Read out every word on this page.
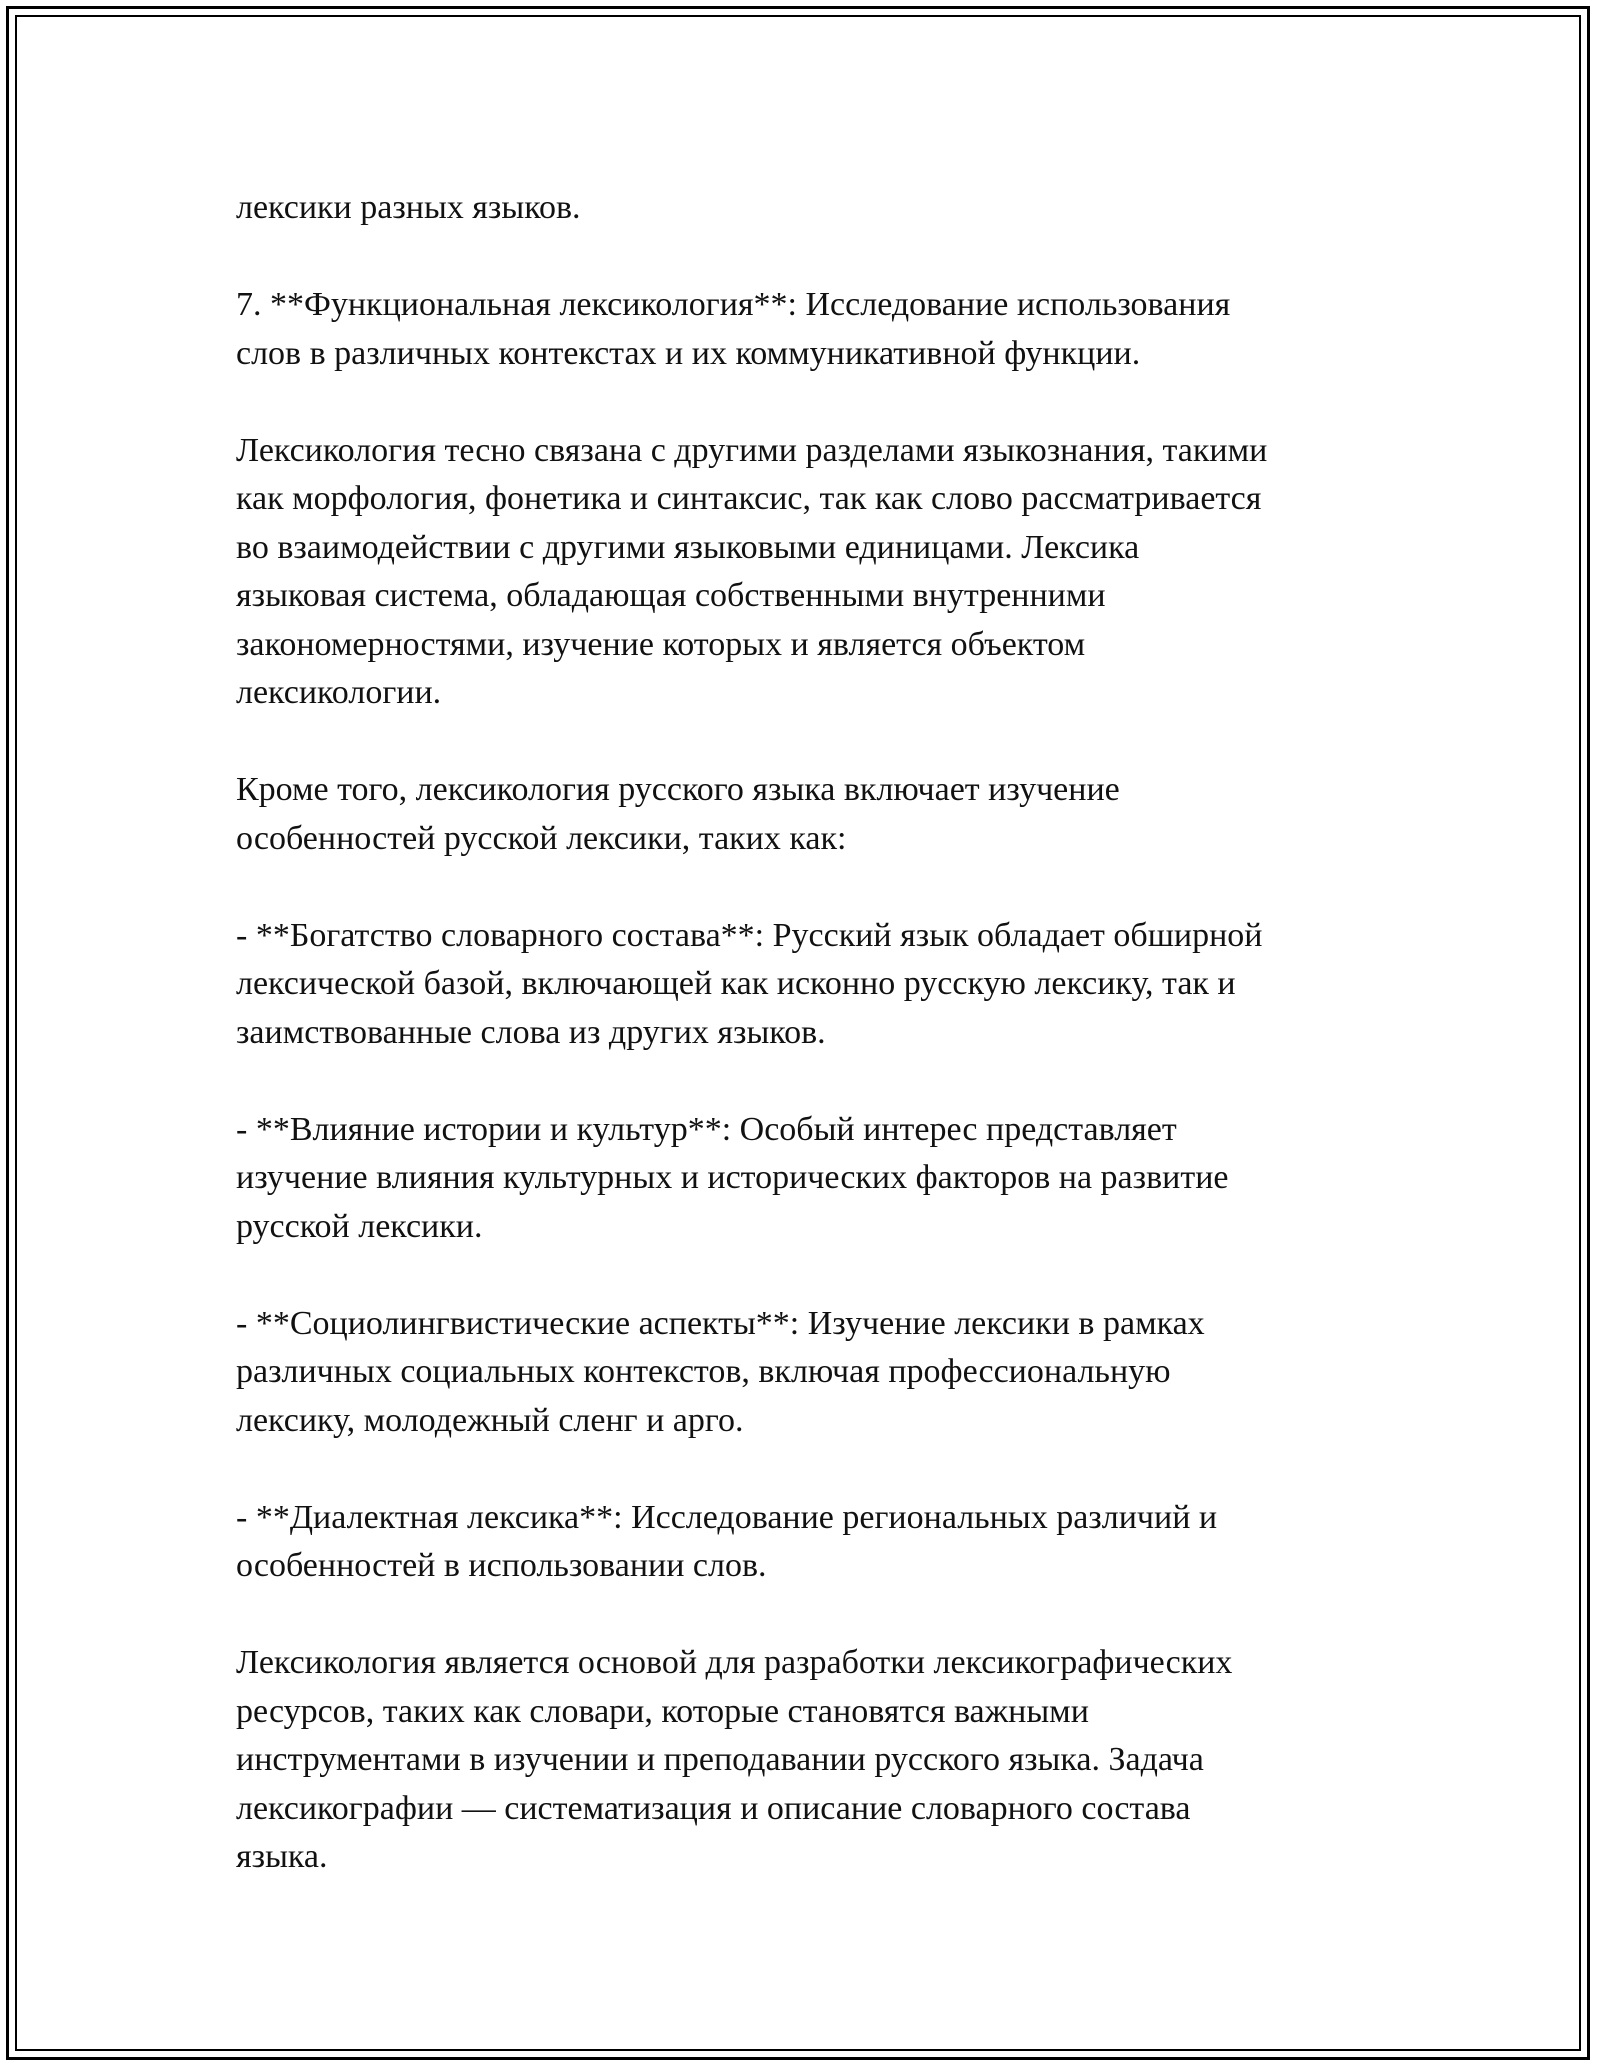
лексики разных языков.

7. **Функциональная лексикология**: Исследование использования
слов в различных контекстах и их коммуникативной функции.

Лексикология тесно связана с другими разделами языкознания, такими
как морфология, фонетика и синтаксис, так как слово рассматривается
во взаимодействии с другими языковыми единицами. Лексика
языковая система, обладающая собственными внутренними
закономерностями, изучение которых и является объектом
лексикологии.

Кроме того, лексикология русского языка включает изучение
особенностей русской лексики, таких как:

- **Богатство словарного состава**: Русский язык обладает обширной
лексической базой, включающей как исконно русскую лексику, так и
заимствованные слова из других языков.

- **Влияние истории и культур**: Особый интерес представляет
изучение влияния культурных и исторических факторов на развитие
русской лексики.

- **Социолингвистические аспекты**: Изучение лексики в рамках
различных социальных контекстов, включая профессиональную
лексику, молодежный сленг и арго.

- **Диалектная лексика**: Исследование региональных различий и
особенностей в использовании слов.

Лексикология является основой для разработки лексикографических
ресурсов, таких как словари, которые становятся важными
инструментами в изучении и преподавании русского языка. Задача
лексикографии — систематизация и описание словарного состава
языка.
